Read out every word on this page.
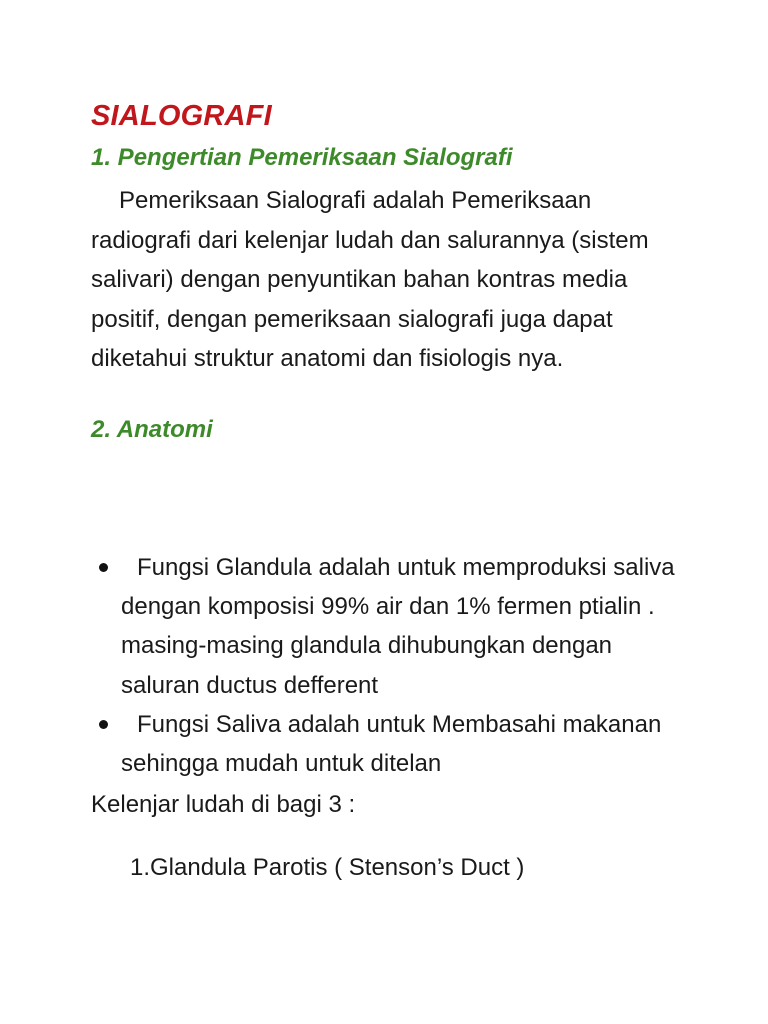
SIALOGRAFI
1. Pengertian Pemeriksaan Sialografi

Pemeriksaan Sialografi adalah Pemeriksaan radiografi dari kelenjar ludah dan salurannya (sistem salivari) dengan penyuntikan bahan kontras media positif, dengan pemeriksaan sialografi juga dapat diketahui struktur anatomi dan fisiologis nya.

2. Anatomi
Fungsi Glandula adalah untuk memproduksi saliva dengan komposisi 99% air dan 1% fermen ptialin . masing-masing glandula dihubungkan dengan saluran ductus defferent
Fungsi Saliva adalah untuk Membasahi makanan sehingga mudah untuk ditelan

Kelenjar ludah di bagi 3 :

1.Glandula Parotis ( Stenson’s Duct )
